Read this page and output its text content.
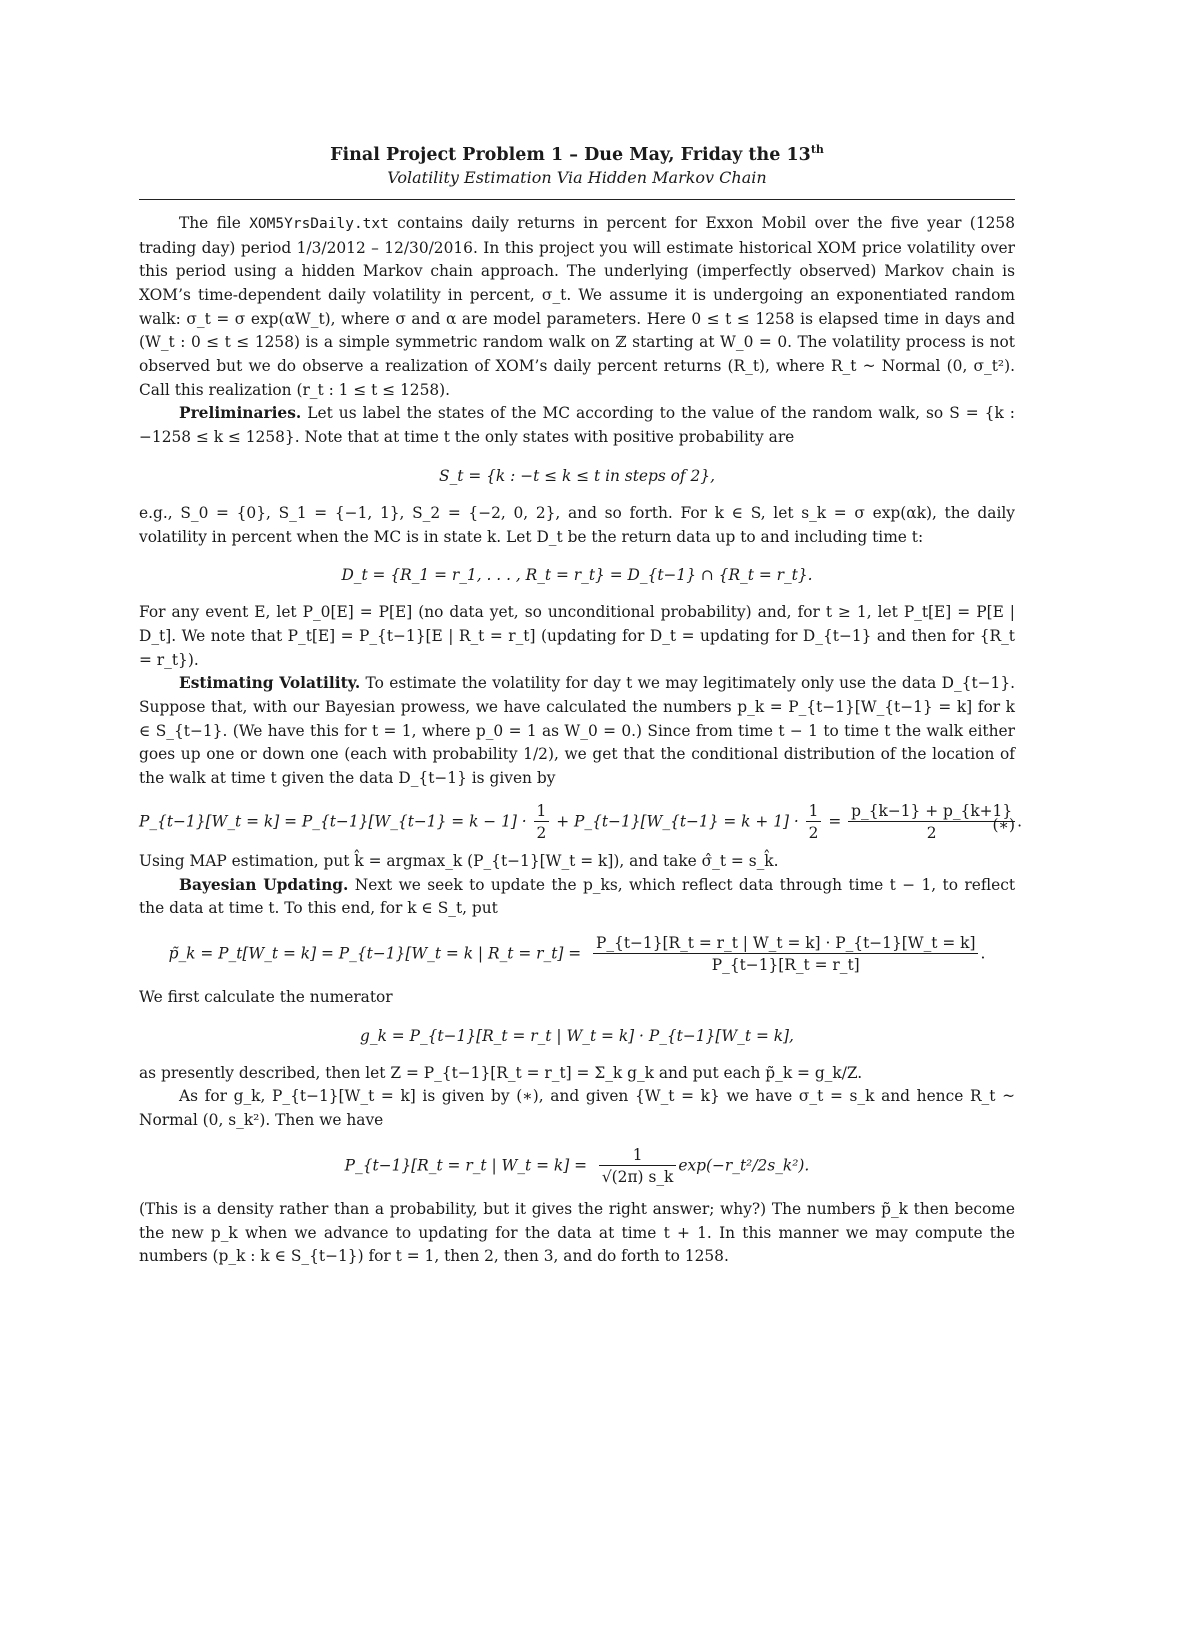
Final Project Problem 1 – Due May, Friday the 13th
Volatility Estimation Via Hidden Markov Chain

The file XOM5YrsDaily.txt contains daily returns in percent for Exxon Mobil over the five year (1258 trading day) period 1/3/2012 – 12/30/2016. In this project you will estimate historical XOM price volatility over this period using a hidden Markov chain approach. The underlying (imperfectly observed) Markov chain is XOM’s time-dependent daily volatility in percent, σ_t. We assume it is undergoing an exponentiated random walk: σ_t = σ exp(αW_t), where σ and α are model parameters. Here 0 ≤ t ≤ 1258 is elapsed time in days and (W_t : 0 ≤ t ≤ 1258) is a simple symmetric random walk on ℤ starting at W_0 = 0. The volatility process is not observed but we do observe a realization of XOM’s daily percent returns (R_t), where R_t ~ Normal (0, σ_t²). Call this realization (r_t : 1 ≤ t ≤ 1258).

Preliminaries. Let us label the states of the MC according to the value of the random walk, so S = {k : −1258 ≤ k ≤ 1258}. Note that at time t the only states with positive probability are

S_t = {k : −t ≤ k ≤ t in steps of 2},

e.g., S_0 = {0}, S_1 = {−1, 1}, S_2 = {−2, 0, 2}, and so forth. For k ∈ S, let s_k = σ exp(αk), the daily volatility in percent when the MC is in state k. Let D_t be the return data up to and including time t:

D_t = {R_1 = r_1, . . . , R_t = r_t} = D_{t−1} ∩ {R_t = r_t}.

For any event E, let P_0[E] = P[E] (no data yet, so unconditional probability) and, for t ≥ 1, let P_t[E] = P[E | D_t]. We note that P_t[E] = P_{t−1}[E | R_t = r_t] (updating for D_t = updating for D_{t−1} and then for {R_t = r_t}).

Estimating Volatility. To estimate the volatility for day t we may legitimately only use the data D_{t−1}. Suppose that, with our Bayesian prowess, we have calculated the numbers p_k = P_{t−1}[W_{t−1} = k] for k ∈ S_{t−1}. (We have this for t = 1, where p_0 = 1 as W_0 = 0.) Since from time t − 1 to time t the walk either goes up one or down one (each with probability 1/2), we get that the conditional distribution of the location of the walk at time t given the data D_{t−1} is given by

P_{t−1}[W_t = k] = P_{t−1}[W_{t−1} = $k - 1] \cdot \frac{1}{2}$ + P_{t−1}[W_{t−1} = $k + 1] \cdot \frac{1}{2} = \frac{p\_\{k-1\} + p\_\{k+1\}}{2}$ .
(∗)

Using MAP estimation, put k̂ = argmax_k (P_{t−1}[W_t = k]), and take σ̂_t = s_k̂.

Bayesian Updating. Next we seek to update the p_ks, which reflect data through time t − 1, to reflect the data at time t. To this end, for k ∈ S_t, put

p̃_k = P_t[W_t = k] = P_{t−1}[W_t = k | R_t = r_t] = $\frac{P\_\{t-1\}[R\_t = r\_t | W\_t = k] \cdot P\_\{t-1\}[W\_t = k]}{P\_\{t-1\}[R\_t = r\_t]}$ .

We first calculate the numerator

g_k = P_{t−1}[R_t = r_t | W_t = k] · P_{t−1}[W_t = k],

as presently described, then let Z = P_{t−1}[R_t = r_t] = Σ_k g_k and put each p̃_k = g_k/Z.

As for g_k, P_{t−1}[W_t = k] is given by (∗), and given {W_t = k} we have σ_t = s_k and hence R_t ~ Normal (0, s_k²). Then we have

P_{t−1}[R_t = r_t | W_t = $k] = \frac{1}{√(2\pi) s\_k}$ exp(−r_t²/2s_k²).

(This is a density rather than a probability, but it gives the right answer; why?) The numbers p̃_k then become the new p_k when we advance to updating for the data at time t + 1. In this manner we may compute the numbers (p_k : k ∈ S_{t−1}) for t = 1, then 2, then 3, and do forth to 1258.
